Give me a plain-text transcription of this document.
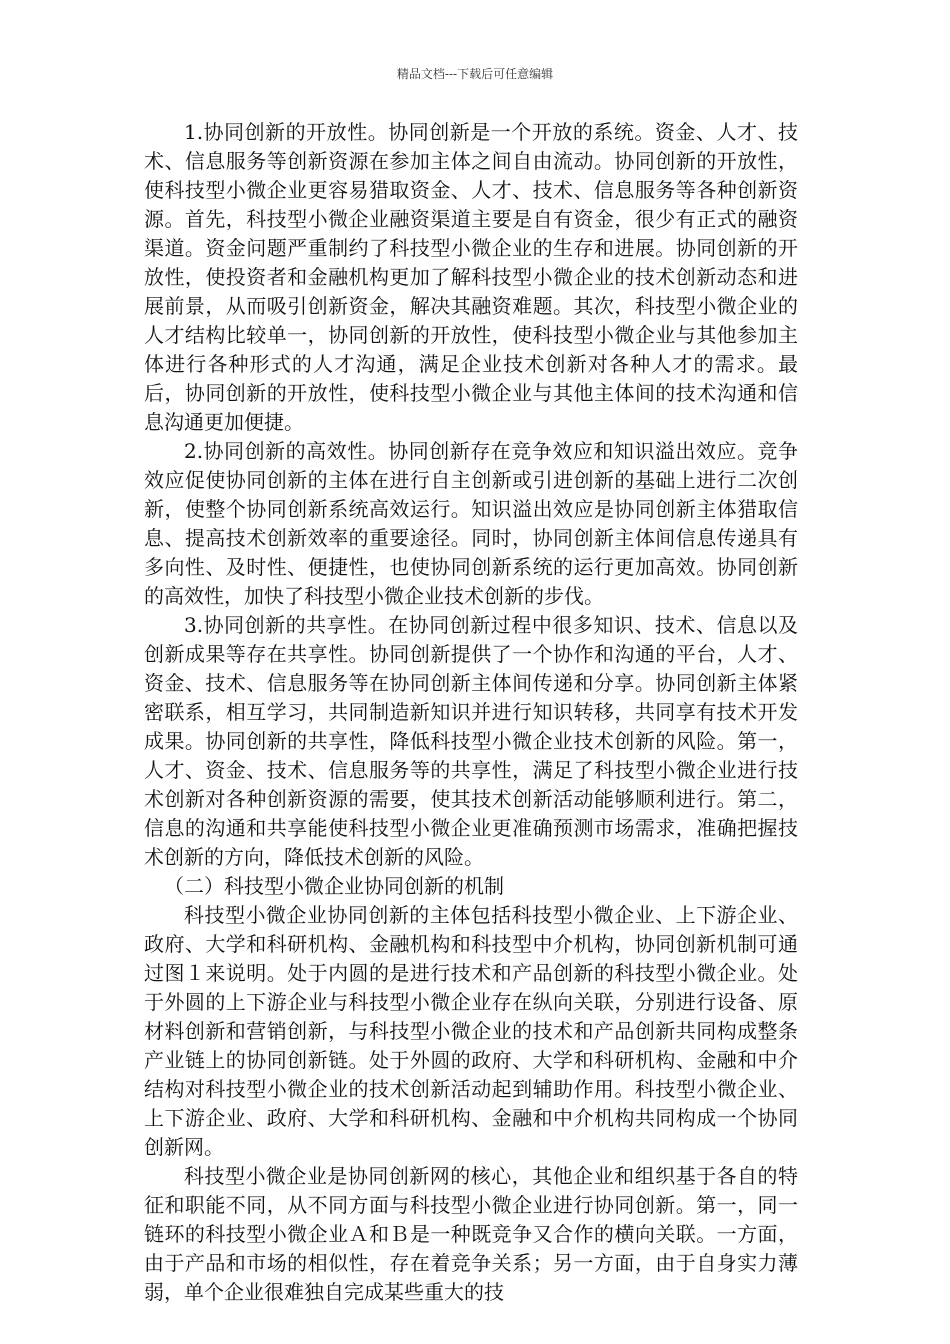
精品文档---下载后可任意编辑

1.协同创新的开放性。协同创新是一个开放的系统。资金、人才、技术、信息服务等创新资源在参加主体之间自由流动。协同创新的开放性，使科技型小微企业更容易猎取资金、人才、技术、信息服务等各种创新资源。首先，科技型小微企业融资渠道主要是自有资金，很少有正式的融资渠道。资金问题严重制约了科技型小微企业的生存和进展。协同创新的开放性，使投资者和金融机构更加了解科技型小微企业的技术创新动态和进展前景，从而吸引创新资金，解决其融资难题。其次，科技型小微企业的人才结构比较单一，协同创新的开放性，使科技型小微企业与其他参加主体进行各种形式的人才沟通，满足企业技术创新对各种人才的需求。最后，协同创新的开放性，使科技型小微企业与其他主体间的技术沟通和信息沟通更加便捷。

2.协同创新的高效性。协同创新存在竞争效应和知识溢出效应。竞争效应促使协同创新的主体在进行自主创新或引进创新的基础上进行二次创新，使整个协同创新系统高效运行。知识溢出效应是协同创新主体猎取信息、提高技术创新效率的重要途径。同时，协同创新主体间信息传递具有多向性、及时性、便捷性，也使协同创新系统的运行更加高效。协同创新的高效性，加快了科技型小微企业技术创新的步伐。

3.协同创新的共享性。在协同创新过程中很多知识、技术、信息以及创新成果等存在共享性。协同创新提供了一个协作和沟通的平台，人才、资金、技术、信息服务等在协同创新主体间传递和分享。协同创新主体紧密联系，相互学习，共同制造新知识并进行知识转移，共同享有技术开发成果。协同创新的共享性，降低科技型小微企业技术创新的风险。第一，人才、资金、技术、信息服务等的共享性，满足了科技型小微企业进行技术创新对各种创新资源的需要，使其技术创新活动能够顺利进行。第二，信息的沟通和共享能使科技型小微企业更准确预测市场需求，准确把握技术创新的方向，降低技术创新的风险。

（二）科技型小微企业协同创新的机制

科技型小微企业协同创新的主体包括科技型小微企业、上下游企业、政府、大学和科研机构、金融机构和科技型中介机构，协同创新机制可通过图１来说明。处于内圆的是进行技术和产品创新的科技型小微企业。处于外圆的上下游企业与科技型小微企业存在纵向关联，分别进行设备、原材料创新和营销创新，与科技型小微企业的技术和产品创新共同构成整条产业链上的协同创新链。处于外圆的政府、大学和科研机构、金融和中介结构对科技型小微企业的技术创新活动起到辅助作用。科技型小微企业、上下游企业、政府、大学和科研机构、金融和中介机构共同构成一个协同创新网。

科技型小微企业是协同创新网的核心，其他企业和组织基于各自的特征和职能不同，从不同方面与科技型小微企业进行协同创新。第一，同一链环的科技型小微企业Ａ和Ｂ是一种既竞争又合作的横向关联。一方面，由于产品和市场的相似性，存在着竞争关系；另一方面，由于自身实力薄弱，单个企业很难独自完成某些重大的技
